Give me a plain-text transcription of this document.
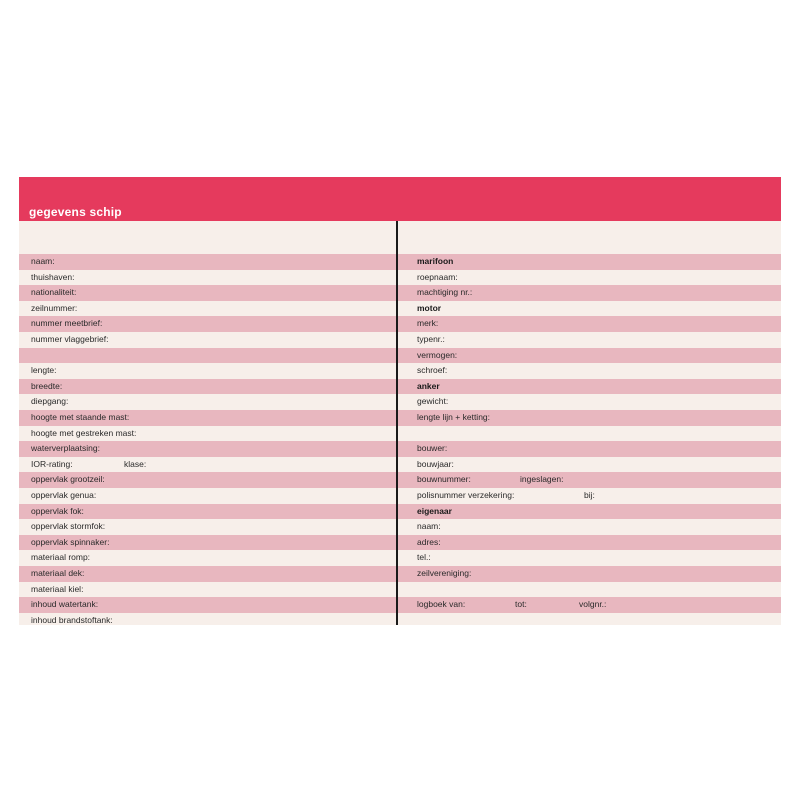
gegevens schip
naam:
thuishaven:
nationaliteit:
zeilnummer:
nummer meetbrief:
nummer vlaggebrief:
lengte:
breedte:
diepgang:
hoogte met staande mast:
hoogte met gestreken mast:
waterverplaatsing:
IOR-rating:	klase:
oppervlak grootzeil:
oppervlak genua:
oppervlak fok:
oppervlak stormfok:
oppervlak spinnaker:
materiaal romp:
materiaal dek:
materiaal kiel:
inhoud watertank:
inhoud brandstoftank:
marifoon
roepnaam:
machtiging nr.:
motor
merk:
typenr.:
vermogen:
schroef:
anker
gewicht:
lengte lijn + ketting:
bouwer:
bouwjaar:
bouwnummer:	ingeslagen:
polisnummer verzekering:	bij:
eigenaar
naam:
adres:
tel.:
zeilvereniging:
logboek van:	tot:	volgnr.:
